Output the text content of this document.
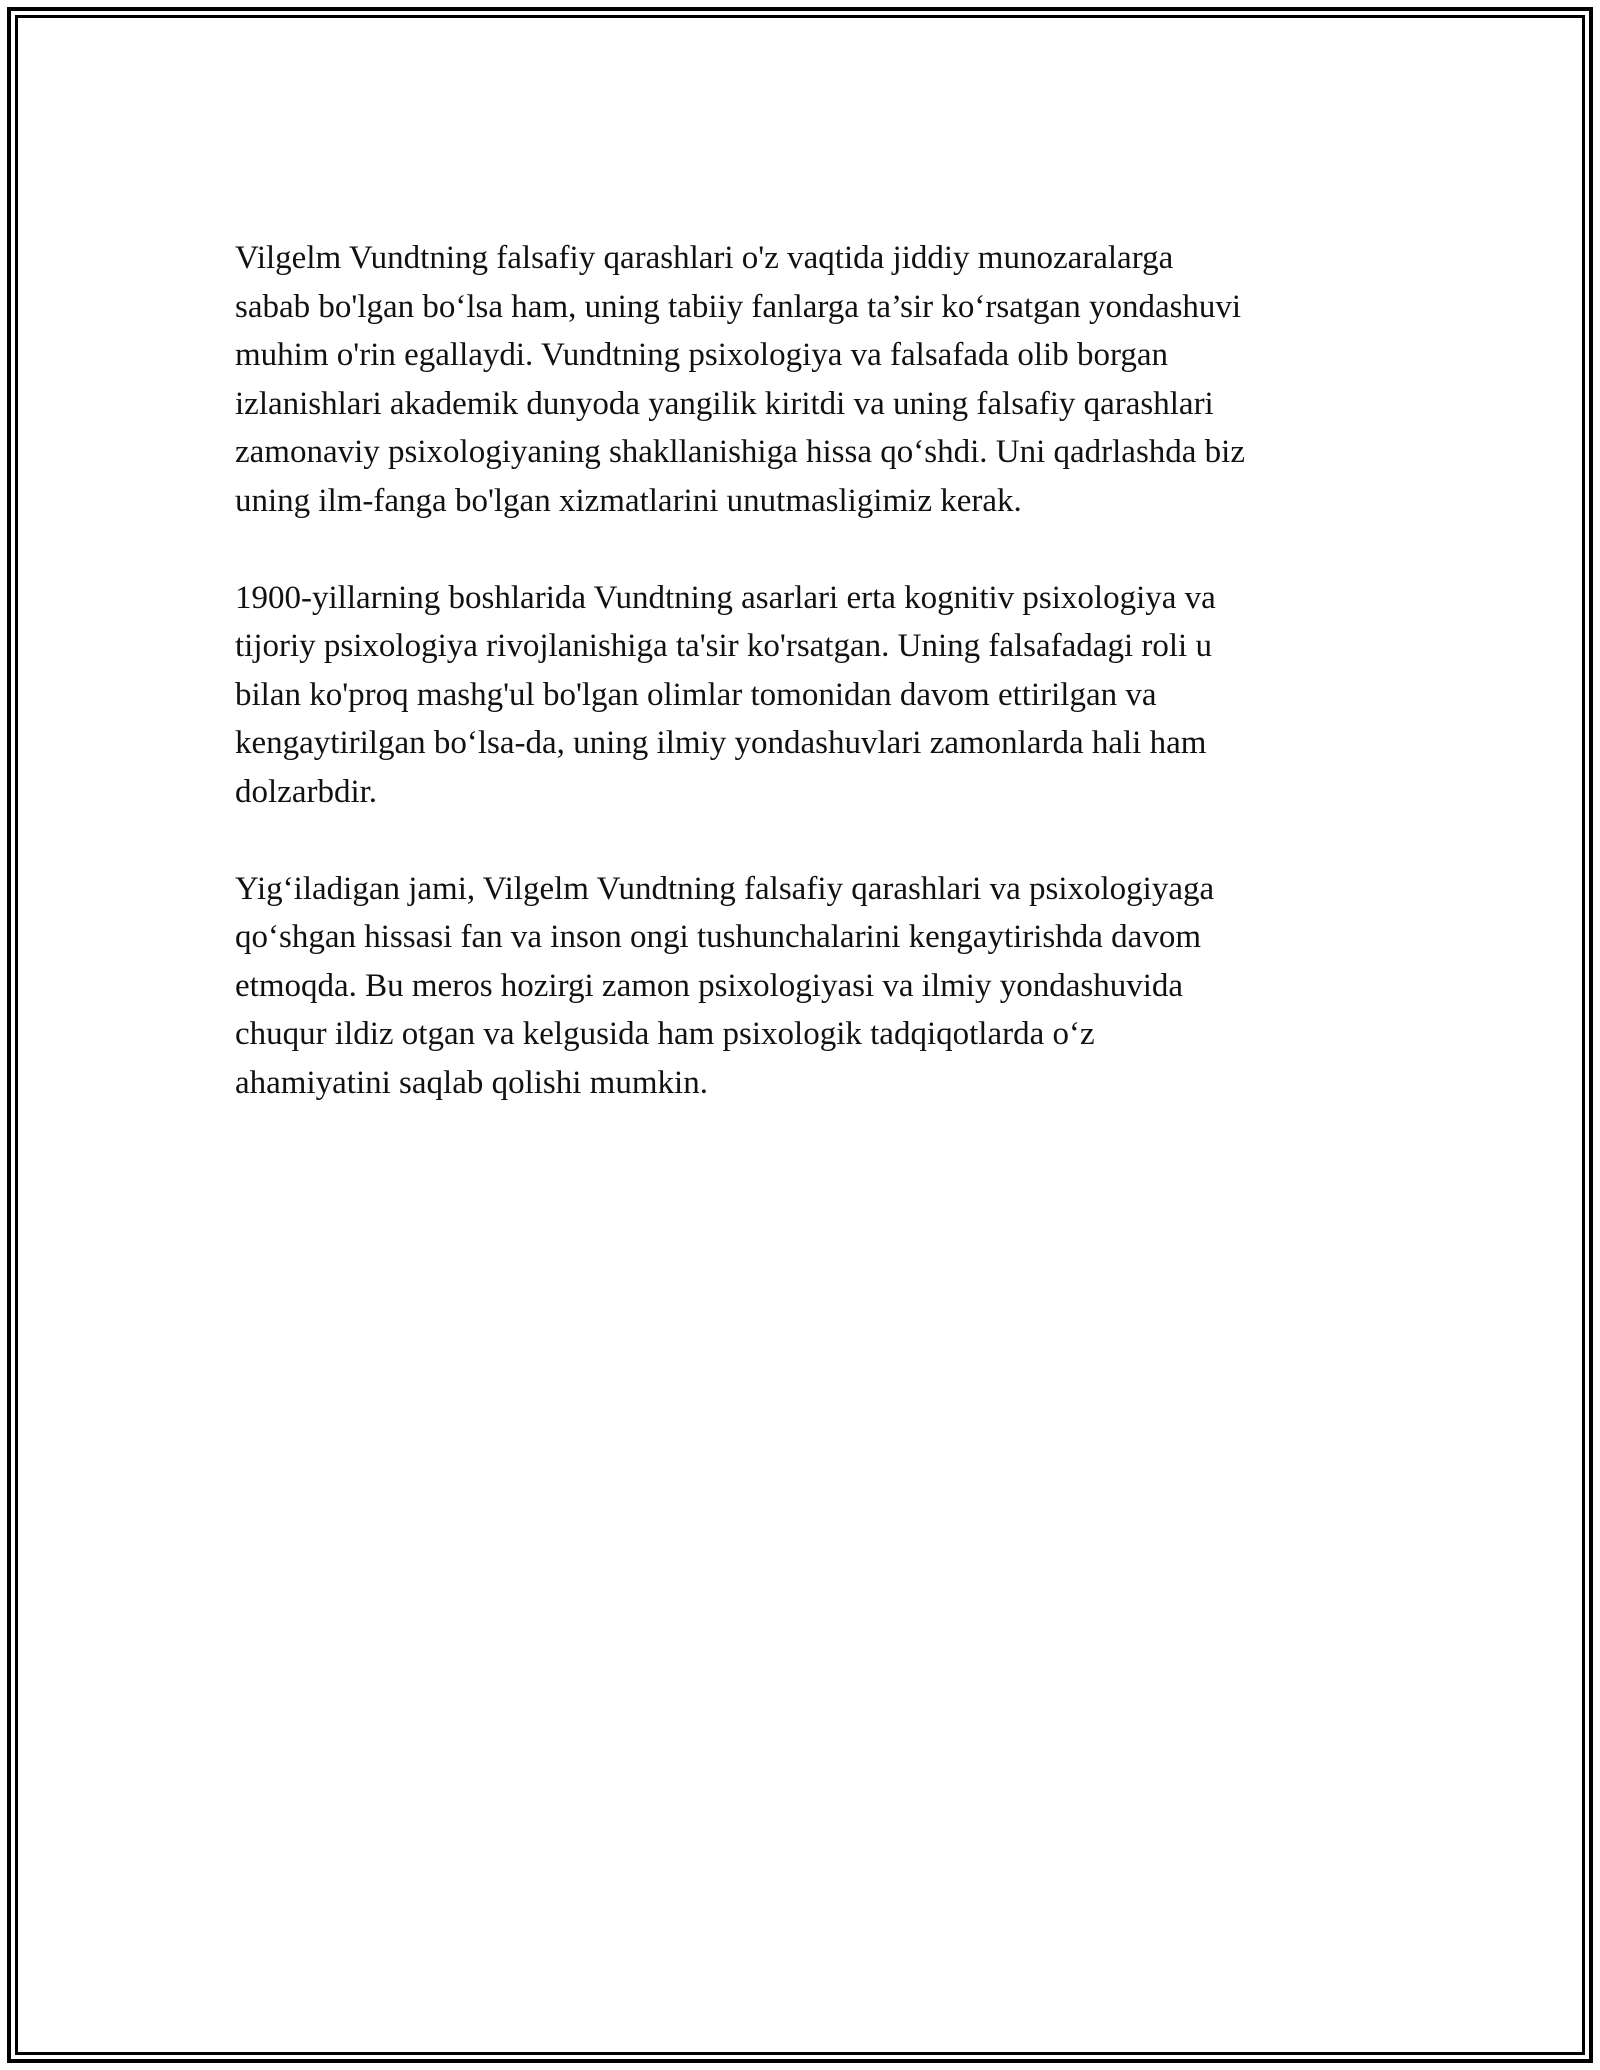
Vilgelm Vundtning falsafiy qarashlari o'z vaqtida jiddiy munozaralarga
sabab bo'lgan bo‘lsa ham, uning tabiiy fanlarga ta’sir ko‘rsatgan yondashuvi
muhim o'rin egallaydi. Vundtning psixologiya va falsafada olib borgan
izlanishlari akademik dunyoda yangilik kiritdi va uning falsafiy qarashlari
zamonaviy psixologiyaning shakllanishiga hissa qo‘shdi. Uni qadrlashda biz
uning ilm-fanga bo'lgan xizmatlarini unutmasligimiz kerak.

1900-yillarning boshlarida Vundtning asarlari erta kognitiv psixologiya va
tijoriy psixologiya rivojlanishiga ta'sir ko'rsatgan. Uning falsafadagi roli u
bilan ko'proq mashg'ul bo'lgan olimlar tomonidan davom ettirilgan va
kengaytirilgan bo‘lsa-da, uning ilmiy yondashuvlari zamonlarda hali ham
dolzarbdir.

Yig‘iladigan jami, Vilgelm Vundtning falsafiy qarashlari va psixologiyaga
qo‘shgan hissasi fan va inson ongi tushunchalarini kengaytirishda davom
etmoqda. Bu meros hozirgi zamon psixologiyasi va ilmiy yondashuvida
chuqur ildiz otgan va kelgusida ham psixologik tadqiqotlarda o‘z
ahamiyatini saqlab qolishi mumkin.
